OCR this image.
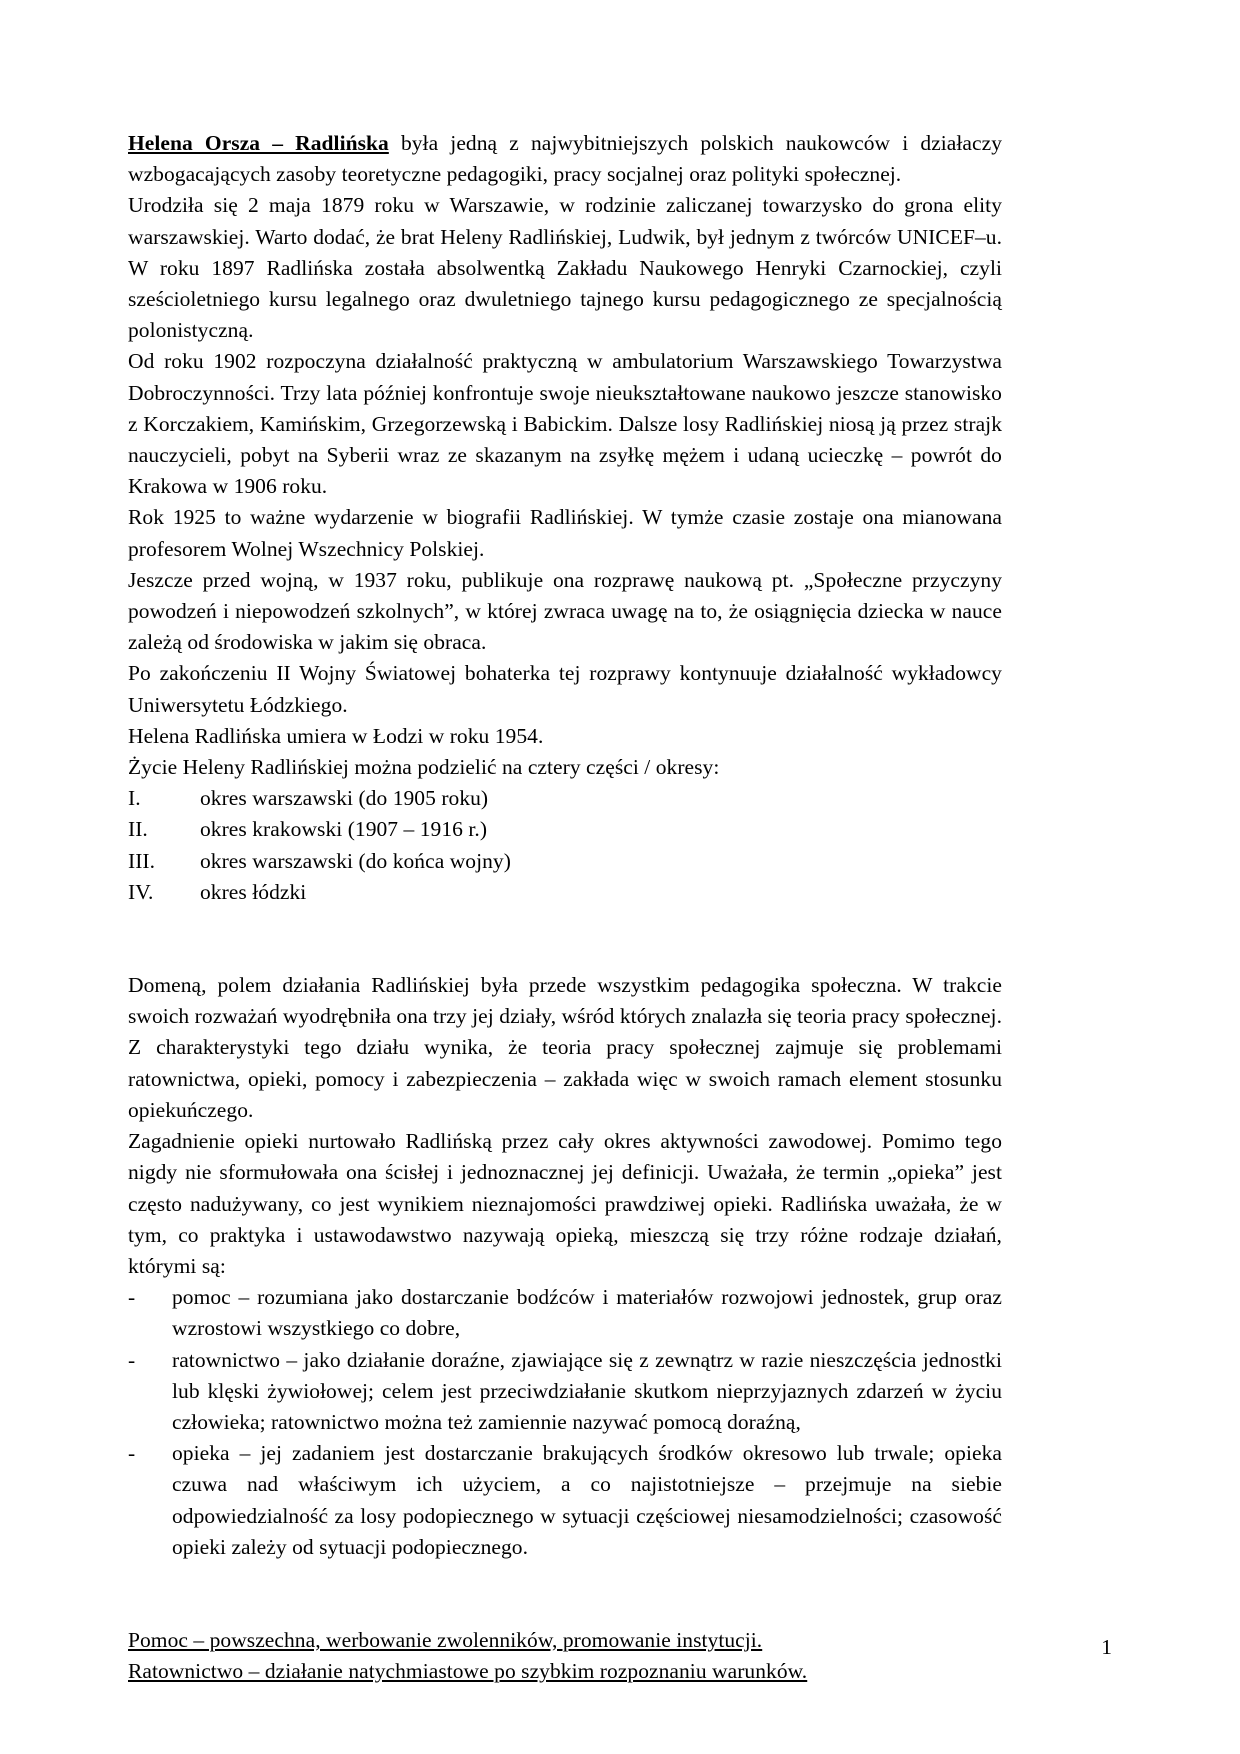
Helena Orsza – Radlińska była jedną z najwybitniejszych polskich naukowców i działaczy wzbogacających zasoby teoretyczne pedagogiki, pracy socjalnej oraz polityki społecznej.

Urodziła się 2 maja 1879 roku w Warszawie, w rodzinie zaliczanej towarzysko do grona elity warszawskiej. Warto dodać, że brat Heleny Radlińskiej, Ludwik, był jednym z twórców UNICEF–u. W roku 1897 Radlińska została absolwentką Zakładu Naukowego Henryki Czarnockiej, czyli sześcioletniego kursu legalnego oraz dwuletniego tajnego kursu pedagogicznego ze specjalnością polonistyczną.

Od roku 1902 rozpoczyna działalność praktyczną w ambulatorium Warszawskiego Towarzystwa Dobroczynności. Trzy lata później konfrontuje swoje nieukształtowane naukowo jeszcze stanowisko z Korczakiem, Kamińskim, Grzegorzewską i Babickim. Dalsze losy Radlińskiej niosą ją przez strajk nauczycieli, pobyt na Syberii wraz ze skazanym na zsyłkę mężem i udaną ucieczkę – powrót do Krakowa w 1906 roku.

Rok 1925 to ważne wydarzenie w biografii Radlińskiej. W tymże czasie zostaje ona mianowana profesorem Wolnej Wszechnicy Polskiej.

Jeszcze przed wojną, w 1937 roku, publikuje ona rozprawę naukową pt. „Społeczne przyczyny powodzeń i niepowodzeń szkolnych”, w której zwraca uwagę na to, że osiągnięcia dziecka w nauce zależą od środowiska w jakim się obraca.

Po zakończeniu II Wojny Światowej bohaterka tej rozprawy kontynuuje działalność wykładowcy Uniwersytetu Łódzkiego.

Helena Radlińska umiera w Łodzi w roku 1954.

Życie Heleny Radlińskiej można podzielić na cztery części / okresy:

I.	okres warszawski (do 1905 roku)
II.	okres krakowski (1907 – 1916 r.)
III.	okres warszawski (do końca wojny)
IV.	okres łódzki

Domeną, polem działania Radlińskiej była przede wszystkim pedagogika społeczna. W trakcie swoich rozważań wyodrębniła ona trzy jej działy, wśród których znalazła się teoria pracy społecznej. Z charakterystyki tego działu wynika, że teoria pracy społecznej zajmuje się problemami ratownictwa, opieki, pomocy i zabezpieczenia – zakłada więc w swoich ramach element stosunku opiekuńczego.

Zagadnienie opieki nurtowało Radlińską przez cały okres aktywności zawodowej. Pomimo tego nigdy nie sformułowała ona ścisłej i jednoznacznej jej definicji. Uważała, że termin „opieka” jest często nadużywany, co jest wynikiem nieznajomości prawdziwej opieki. Radlińska uważała, że w tym, co praktyka i ustawodawstwo nazywają opieką, mieszczą się trzy różne rodzaje działań, którymi są:

-	pomoc – rozumiana jako dostarczanie bodźców i materiałów rozwojowi jednostek, grup oraz wzrostowi wszystkiego co dobre,
-	ratownictwo – jako działanie doraźne, zjawiające się z zewnątrz w razie nieszczęścia jednostki lub klęski żywiołowej; celem jest przeciwdziałanie skutkom nieprzyjaznych zdarzeń w życiu człowieka; ratownictwo można też zamiennie nazywać pomocą doraźną,
-	opieka – jej zadaniem jest dostarczanie brakujących środków okresowo lub trwale; opieka czuwa nad właściwym ich użyciem, a co najistotniejsze – przejmuje na siebie odpowiedzialność za losy podopiecznego w sytuacji częściowej niesamodzielności; czasowość opieki zależy od sytuacji podopiecznego.
Pomoc – powszechna, werbowanie zwolenników, promowanie instytucji.
Ratownictwo – działanie natychmiastowe po szybkim rozpoznaniu warunków.
1
